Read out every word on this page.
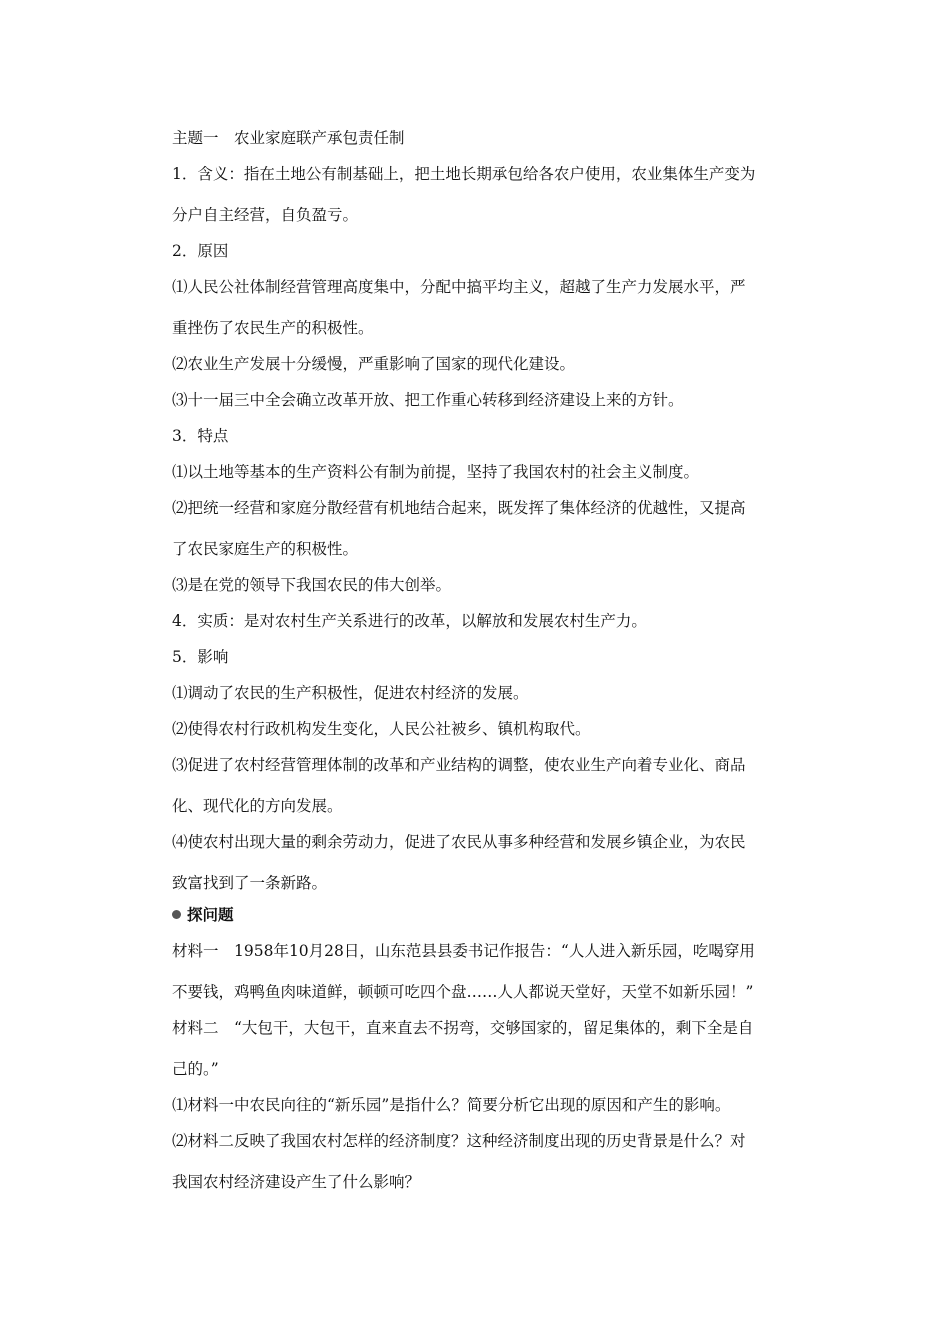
主题一　农业家庭联产承包责任制
1．含义：指在土地公有制基础上，把土地长期承包给各农户使用，农业集体生产变为
分户自主经营，自负盈亏。
2．原因
⑴人民公社体制经营管理高度集中，分配中搞平均主义，超越了生产力发展水平，严
重挫伤了农民生产的积极性。
⑵农业生产发展十分缓慢，严重影响了国家的现代化建设。
⑶十一届三中全会确立改革开放、把工作重心转移到经济建设上来的方针。
3．特点
⑴以土地等基本的生产资料公有制为前提，坚持了我国农村的社会主义制度。
⑵把统一经营和家庭分散经营有机地结合起来，既发挥了集体经济的优越性，又提高
了农民家庭生产的积极性。
⑶是在党的领导下我国农民的伟大创举。
4．实质：是对农村生产关系进行的改革，以解放和发展农村生产力。
5．影响
⑴调动了农民的生产积极性，促进农村经济的发展。
⑵使得农村行政机构发生变化，人民公社被乡、镇机构取代。
⑶促进了农村经营管理体制的改革和产业结构的调整，使农业生产向着专业化、商品
化、现代化的方向发展。
⑷使农村出现大量的剩余劳动力，促进了农民从事多种经营和发展乡镇企业，为农民
致富找到了一条新路。
探问题
材料一　1958年10月28日，山东范县县委书记作报告：“人人进入新乐园，吃喝穿用
不要钱，鸡鸭鱼肉味道鲜，顿顿可吃四个盘……人人都说天堂好，天堂不如新乐园！”
材料二　“大包干，大包干，直来直去不拐弯，交够国家的，留足集体的，剩下全是自
己的。”
⑴材料一中农民向往的“新乐园”是指什么？简要分析它出现的原因和产生的影响。
⑵材料二反映了我国农村怎样的经济制度？这种经济制度出现的历史背景是什么？对
我国农村经济建设产生了什么影响？
